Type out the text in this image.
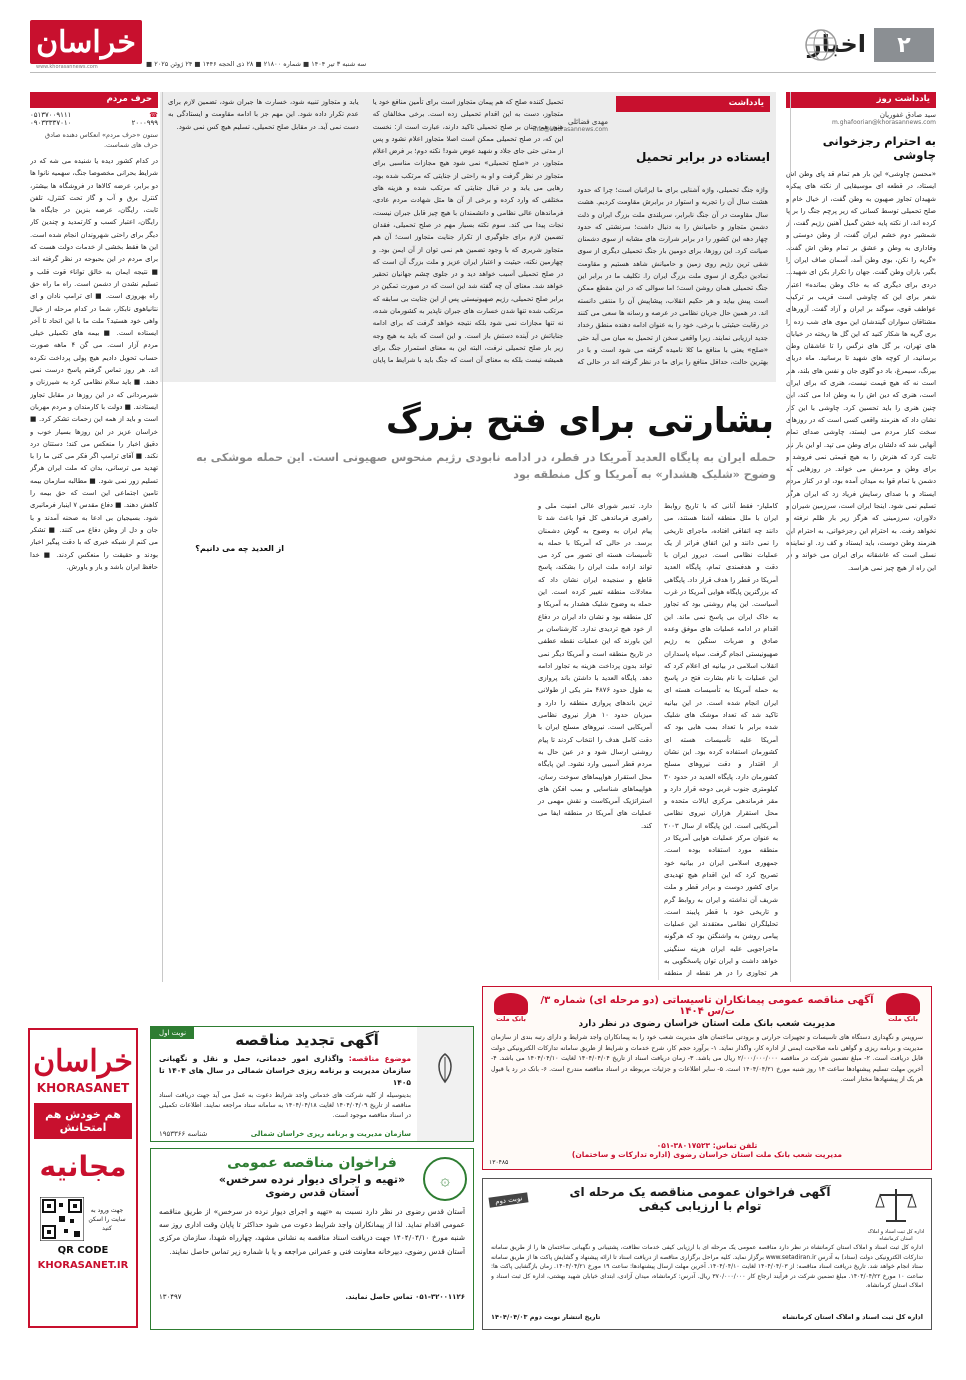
۲
اخبار
خراسان
www.khorasannews.com	سه شنبه ۳ تیر ۱۴۰۴ ■ شماره ۲۱۸۰۰ ■ ۲۸ ذی الحجه ۱۴۴۶ ■ ۲۴ ژوئن ۲۰۲۵ ■
یادداشت روز
سید صادق غفوریان
m.ghafoorian@khorasannews.com
به احترام رجزخوانی چاوشی
«محسن چاوشی» این بار هم تمام قد پای وطن اش ایستاد، در قطعه ای موسیقایی از نکته های پیکره شهیدان تجاوز صهیون به وطن گفت، از خیال خام و صلح تحمیلی توسط کسانی که زیر پرچم جنگ را بر پا کرده اند، از نکته پایه خشن گمیل آهنین رژیم گفت، از شمشیر دوم خشم ایران گفت، از وطن دوستی و وفاداری به وطن و عشق بر تمام وطن اش گفت. «گریه را نکن، بوی وطن آمد، آسمان صاف ایران را بگیر، یاران وطن گفت. جهان را تکرار بکن ای شهید... دردی برای دیگری که به خاک وطن بمانده» اعتبار شعر برای این که چاوشی است قریب بر ترکیب عواطف قوی، سوگند بر ایران و آزاد گفت. آزورهای مشتاقان سواران گیندشان این موی های شب زده را بری گریه ها شکار کنید که این گل ها ریخته در خیابان های تهران، بر گل های نرگس را تا عاشقان وطن برسانید، از کوچه های شهید تا برسانید. ماه دریای بیرنگ، سیمرغ، باد دو گلوی جان و نفس های بلند، هنر است نه که هیچ قیمت نیست، هنری که برای ایران است، هنری که دین اش را به وطن ادا می کند، این چنین هنری را باید تحسین کرد. چاوشی با این کار نشان داد که هنرمند واقعی کسی است که در روزهای سخت کنار مردم می ایستد، چاوشی صدای تمام آنهایی شد که دلشان برای وطن می تپد. او این بار نیز ثابت کرد که هنرش را به هیچ قیمتی نمی فروشد و برای وطن و مردمش می خواند. در روزهایی که دشمن با تمام قوا به میدان آمده بود، او در کنار مردم ایستاد و با صدای رسایش فریاد زد که ایران هرگز تسلیم نمی شود. اینجا ایران است، سرزمین شیران و دلاوران، سرزمینی که هرگز زیر بار ظلم نرفته و نخواهد رفت. به احترام این رجزخوانی، به احترام این هنرمند وطن دوست، باید ایستاد و کف زد. او نماینده نسلی است که عاشقانه برای ایران می خواند و در این راه از هیچ چیز نمی هراسد.
یادداشت
ایستاده در برابر تحمیل
مهدی فضائلی
info@khorasannews.com
واژه جنگ تحمیلی، واژه آشنایی برای ما ایرانیان است؛ چرا که حدود هشت سال آن را تجربه و استوار در برابرش مقاومت کردیم. هشت سال مقاومت در آن جنگ نابرابر، سربلندی ملت بزرگ ایران و ذلت دشمن متجاوز و حامیانش را به دنبال داشت؛ سرنشتی که حدود چهار دهه این کشور را در برابر شرارت های مشابه از سوی دشمنان صیانت کرد. این روزها، برای دومین بار جنگ تحمیلی دیگری از سوی شقی ترین رژیم روی زمین و حامیانش شاهد هستیم و مقاومت نمادین دیگری از سوی ملت بزرگ ایران را. تکلیف ما در برابر این جنگ تحمیلی همان روشن است؛ اما سوالی که در این مقطع ممکن است پیش بیاید و هر حکیم انقلاب، پیشاپیش آن را منتفی دانسته اند. در همین حال جریان نظامی در عرصه و رسانه ها سعی می کنند در رقابت حیثیتی با برخی، خود را به عنوان ادامه دهنده منطق رخداد جدید ارزیابی نمایند. زیرا واقعی سخن از تحمیل به میان می آید حتی «صلح» یعنی با منافع ما کلا نامیده گرفته می شود است و با در بهترین حالت، حداقل منافع را برای ما در نظر گرفته اند در حالی که تحمیل کننده صلح که هم پیمان متجاوز است برای تأمین منافع خود یا متجاوز، دست به این اقدام تحمیلی زده است. برخی مخالفان که هنوز هم چنان بر صلح تحمیلی تاکید دارند، عبارت است از: نخست این که، در صلح تحمیلی ممکن است اصلا متجاوز اعلام نشود و پس از مدتی حتی جای جلاد و شهید عوض شود! نکته دوم؛ بر فرض اعلام متجاوز، در «صلح تحمیلی» نمی شود هیچ مجازات مناسبی برای متجاوز در نظر گرفت و او به راحتی از جنایتی که مرتکب شده بود، رهایی می یابد و در قبال جنایتی که مرتکب شده و هزینه های مختلفی که وارد کرده و برخی از آن ها مثل شهادت مردم عادی، فرماندهان عالی نظامی و دانشمندان با هیچ چیز قابل جبران نیست، نجات پیدا می کند. سوم نکته بسیار مهم در صلح تحمیلی، فقدان تضمین لازم برای جلوگیری از تکرار جنایت متجاوز است؛ آن هم متجاوز شریری که با وجود تضمین هم نمی توان از آن ایمن بود. و چهارمین نکته، حیثیت و اعتبار ایران عزیز و ملت بزرگ آن است که در صلح تحمیلی آسیب خواهد دید و در جلوی چشم جهانیان تحقیر خواهد شد. معنای آن چه گفته شد این است که در صورت تمکین در برابر صلح تحمیلی، رژیم صهیونیستی پس از این جنایت بی سابقه که مرتکب شده تنها شدن خسارت های جبران ناپذیر به کشورمان شده، نه تنها مجازات نمی شود بلکه نتیجه خواهد گرفت که برای ادامه جنایاتش در آینده دستش باز است. و این است که باید به هیچ وجه زیر بار صلح تحمیلی نرفت، البته این به معنای استمرار جنگ برای همیشه نیست بلکه به معنای آن است که جنگ باید با شرایط ما پایان یابد و متجاوز تنبیه شود، خسارت ها جبران شود، تضمین لازم برای عدم تکرار داده شود. این مهم جز با ادامه مقاومت و ایستادگی به دست نمی آید. در مقابل صلح تحمیلی، تسلیم هیچ کس نمی شود.
بشارتی برای فتح بزرگ
حمله ایران به پایگاه العدید آمریکا در قطر، در ادامه نابودی رژیم منحوس صهیونی است. این حمله موشکی به وضوح «شلیک هشدار» به آمریکا و کل منطقه بود
کاملیار- فقط آنانی که با تاریخ روابط ایران با ملل منطقه آشنا هستند، می دانند چه اتفاقی افتاده، ماجرای تاریخی را نمی دانند و این اتفاق فراتر از یک عملیات نظامی است. دیروز ایران با دقت و هدفمندی تمام، پایگاه العدید آمریکا در قطر را هدف قرار داد. پایگاهی که بزرگترین پایگاه هوایی آمریکا در غرب آسیاست. این پیام روشنی بود که تجاوز به خاک ایران بی پاسخ نمی ماند. این اقدام در ادامه عملیات های موفق وعده صادق و ضربات سنگین به رژیم صهیونیستی انجام گرفت. سپاه پاسداران انقلاب اسلامی در بیانیه ای اعلام کرد که این عملیات با نام بشارت فتح در پاسخ به حمله آمریکا به تأسیسات هسته ای ایران انجام شده است. در این بیانیه تاکید شد که تعداد موشک های شلیک شده برابر با تعداد بمب هایی بود که آمریکا علیه تأسیسات هسته ای کشورمان استفاده کرده بود. این نشان از اقتدار و دقت نیروهای مسلح کشورمان دارد. پایگاه العدید در حدود ۳۰ کیلومتری جنوب غربی دوحه قرار دارد و مقر فرماندهی مرکزی ایالات متحده و محل استقرار هزاران نیروی نظامی آمریکایی است. این پایگاه از سال ۲۰۰۳ به عنوان مرکز عملیات هوایی آمریکا در منطقه مورد استفاده بوده است. جمهوری اسلامی ایران در بیانیه خود تصریح کرد که این اقدام هیچ تهدیدی برای کشور دوست و برادر قطر و ملت شریف آن نداشته و ایران به روابط گرم و تاریخی خود با قطر پایبند است. تحلیلگران نظامی معتقدند این عملیات پیامی روشن به واشنگتن بود که هرگونه ماجراجویی علیه ایران هزینه سنگینی خواهد داشت و ایران توان پاسخگویی به هر تجاوزی را در هر نقطه از منطقه دارد. تدبیر شورای عالی امنیت ملی و راهبری فرماندهی کل قوا باعث شد تا پیام ایران به وضوح به گوش دشمنان برسد. در حالی که آمریکا با حمله به تأسیسات هسته ای تصور می کرد می تواند اراده ملت ایران را بشکند، پاسخ قاطع و سنجیده ایران نشان داد که معادلات منطقه تغییر کرده است. این حمله به وضوح شلیک هشدار به آمریکا و کل منطقه بود و نشان داد ایران در دفاع از خود هیچ تردیدی ندارد. کارشناسان بر این باورند که این عملیات نقطه عطفی در تاریخ منطقه است و آمریکا دیگر نمی تواند بدون پرداخت هزینه به تجاوز ادامه دهد. پایگاه العدید با داشتن باند پروازی به طول حدود ۴۸۷۶ متر یکی از طولانی ترین باندهای پروازی منطقه را دارد و میزبان حدود ۱۰ هزار نیروی نظامی آمریکایی است. نیروهای مسلح ایران با دقت کامل هدف را انتخاب کردند تا پیام روشنی ارسال شود و در عین حال به مردم قطر آسیبی وارد نشود. این پایگاه محل استقرار هواپیماهای سوخت رسان، هواپیماهای شناسایی و بمب افکن های استراتژیک آمریکاست و نقش مهمی در عملیات های آمریکا در منطقه ایفا می کند.
از العدید چه می دانیم؟
حرف مردم
۰۵۱۳۷۰۰۹۱۱۱	☎
۰۹۰۳۳۳۳۷۰۱۰	۲۰۰۰۹۹۹
ستون «حرف مردم» انعکاس دهنده صادق حرف های شماست.
در کدام کشور دیده یا شنیده می شه که در شرایط بحرانی مخصوصا جنگ، سهمیه نانوا ها دو برابر، عرضه کالاها در فروشگاه ها بیشتر، کنترل برق و آب و گاز تحت کنترل، تلفن ثابت، رایگان، عرضه بنزین در جایگاه ها رایگان، اعتبار کسب و کارتمدید و چندین کار دیگر برای راحتی شهروندان انجام شده است. این ها فقط بخشی از خدمات دولت هست که برای مردم در این بحبوحه در نظر گرفته اند. ■ نتیجه ایمان به خالق تواناء قوت قلب و تسلیم نشدن از دشمن است. راه ما راه حق راه بهروزی است. ■ ای ترامپ نادان و ای نتانیاهوی نابکار، شما در کدام مرحله از خیال واهی خود هستید؟ ملت ما با این اتحاد تا آخر ایستاده است. ■ بیمه های تکمیلی خیلی مردم آزار است. می گن ۴ ماهه صورت حساب تحویل دادیم هیچ پولی پرداخت نکرده اند. هر روز تماس گرفتم پاسخ درست نمی دهند. ■ باید سلام نظامی کرد به شیرزنان و شیرمردانی که در این روزها در مقابل تجاوز ایستادند. ■ دولت با کارمندان و مردم مهربان است و باید از همه این زحمات تشکر کرد. ■ خراسان عزیز در این روزها بسیار خوب و دقیق اخبار را منعکس می کند؛ دستتان درد نکند. ■ آقای ترامپ اگر فکر می کنی ما را با تهدید می ترسانی، بدان که ملت ایران هرگز تسلیم زور نمی شود. ■ مطالبه سازمان بیمه تامین اجتماعی این است که حق بیمه را کاهش دهند. ■ دفاع مقدس ۷ اینبار فرمانبری شود. بسیجیان بی ادعا به صحنه آمدند و با جان و دل از وطن دفاع می کنند. ■ تشکر می کنم از شبکه خبری که با دقت پیگیر اخبار بودند و حقیقت را منعکس کردند. ■ خدا حافظ ایران باشد و یار و یاورش.
بانک ملت
بانک ملت
آگهی مناقصه عمومی پیمانکاران تاسیساتی (دو مرحله ای) شماره ۳/ت/س ۱۴۰۴
مدیریت شعب بانک ملت استان خراسان رضوی در نظر دارد
سرویس و نگهداری دستگاه های تاسیسات و تجهیزات حرارتی و برودتی ساختمان های مدیریت شعب خود را به پیمانکاران واجد شرایط و دارای رتبه بندی از سازمان مدیریت و برنامه ریزی و گواهی نامه صلاحیت ایمنی از اداره کار، واگذار نماید. ۱- برآورد حجم کار، شرح خدمات و شرایط از طریق سامانه تدارکات الکترونیکی دولت قابل دریافت است. ۲- مبلغ تضمین شرکت در مناقصه ۲/۰۰۰/۰۰۰/۰۰۰ ریال می باشد. ۳- زمان دریافت اسناد از تاریخ ۱۴۰۴/۰۴/۰۴ لغایت ۱۴۰۴/۰۴/۱۰ می باشد. ۴- آخرین مهلت تسلیم پیشنهادها ساعت ۱۴ روز شنبه مورخ ۱۴۰۴/۰۴/۲۱ است. ۵- سایر اطلاعات و جزئیات مربوطه در اسناد مناقصه مندرج است. ۶- بانک در رد یا قبول هر یک از پیشنهادها مختار است.
تلفن تماس: ۳۸۰۱۷۵۲۳-۰۵۱
مدیریت شعب بانک ملت استان خراسان رضوی (اداره تدارکات و ساختمان)
۱۳۰۴۸۵
اداره کل ثبت اسناد و املاک استان کرمانشاه
نوبت دوم
آگهی فراخوان عمومی مناقصه یک مرحله ای
توام با ارزیابی کیفی
اداره کل ثبت اسناد و املاک استان کرمانشاه در نظر دارد مناقصه عمومی یک مرحله ای با ارزیابی کیفی خدمات نظافت، پشتیبانی و نگهبانی ساختمان ها را از طریق سامانه تدارکات الکترونیکی دولت (ستاد) به آدرس www.setadiran.ir برگزار نماید. کلیه مراحل برگزاری مناقصه از دریافت اسناد تا ارائه پیشنهاد و گشایش پاکت ها از طریق سامانه ستاد انجام خواهد شد. تاریخ دریافت اسناد مناقصه: از ۱۴۰۴/۰۴/۰۳ لغایت ۱۴۰۴/۰۴/۱۰. آخرین مهلت ارسال پیشنهادها: ساعت ۱۹ مورخ ۱۴۰۴/۰۴/۲۱. زمان بازگشایی پاکت ها: ساعت ۱۰ مورخ ۱۴۰۴/۰۴/۲۲. مبلغ تضمین شرکت در فرآیند ارجاع کار ۳۷۰/۰۰۰/۰۰۰ ریال. آدرس: کرمانشاه، میدان آزادی، ابتدای خیابان شهید بهشتی، اداره کل ثبت اسناد و املاک استان کرمانشاه.
اداره کل ثبت اسناد و املاک استان کرمانشاه
تاریخ انتشار نوبت دوم ۱۴۰۴/۰۴/۰۳
نوبت اول	آگهی تجدید مناقصه
موضوع مناقصه: واگذاری امور خدماتی، حمل و نقل و نگهبانی سازمان مدیریت و برنامه ریزی خراسان شمالی در سال های ۱۴۰۴ تا ۱۴۰۵
بدینوسیله از کلیه شرکت های خدماتی واجد شرایط دعوت به عمل می آید جهت دریافت اسناد مناقصه از تاریخ ۱۴۰۴/۰۴/۰۹ لغایت ۱۴۰۴/۰۴/۱۸ به سامانه ستاد مراجعه نمایند. اطلاعات تکمیلی در اسناد مناقصه موجود است.
سازمان مدیریت و برنامه ریزی خراسان شمالی
شناسه ۱۹۵۳۳۶۶
۞
فراخوان مناقصه عمومی
«تهیه و اجرای دیوار نرده سرخس»
آستان قدس رضوی
آستان قدس رضوی در نظر دارد نسبت به «تهیه و اجرای دیوار نرده در سرخس» از طریق مناقصه عمومی اقدام نماید. لذا از پیمانکاران واجد شرایط دعوت می شود حداکثر تا پایان وقت اداری روز سه شنبه مورخ ۱۴۰۴/۰۴/۱۰ جهت دریافت اسناد مناقصه به نشانی مشهد، چهارراه شهدا، سازمان مرکزی آستان قدس رضوی، دبیرخانه معاونت فنی و عمرانی مراجعه و یا با شماره زیر تماس حاصل نمایند.
۰۵۱-۳۲۰۰۱۱۲۶ تماس حاصل نمایند.
۱۳۰۴۹۷
خراسان
KHORASANET
هم خودش هم امتحانش
مجانیه
جهت ورود به سایت را اسکن کنید
QR CODE
KHORASANET.IR
